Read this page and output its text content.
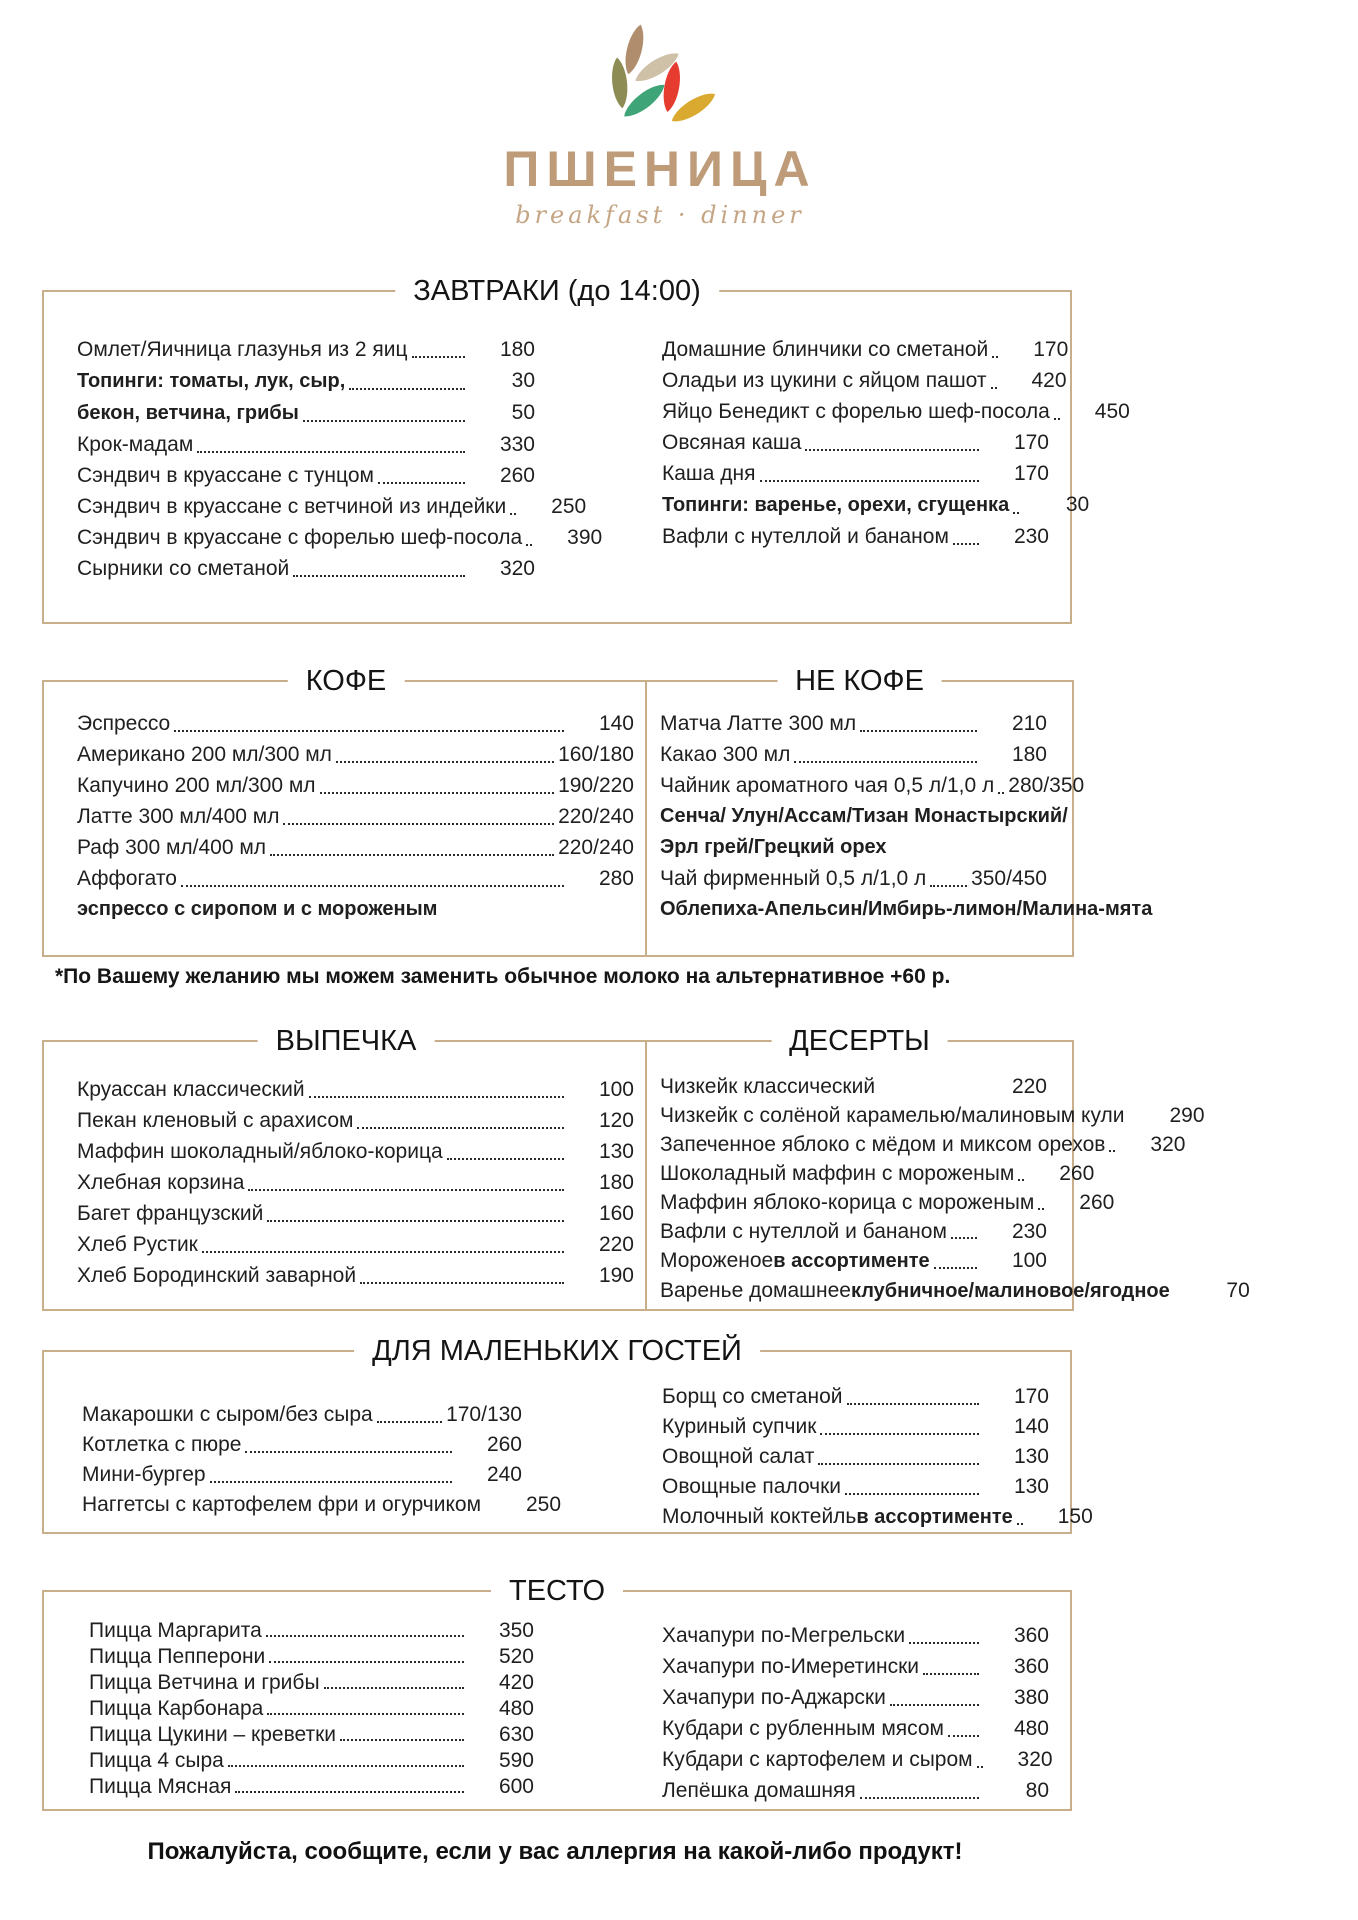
ПШЕНИЦА
breakfast · dinner
ЗАВТРАКИ (до 14:00)
Омлет/Яичница глазунья из 2 яиц	180
Топинги: томаты, лук, сыр,	30
бекон, ветчина, грибы	50
Крок-мадам	330
Сэндвич в круассане с тунцом	260
Сэндвич в круассане с ветчиной из индейки	250
Сэндвич в круассане с форелью шеф-посола	390
Сырники со сметаной	320
Домашние блинчики со сметаной	170
Оладьи из цукини с яйцом пашот	420
Яйцо Бенедикт с форелью шеф-посола	450
Овсяная каша	170
Каша дня	170
Топинги: варенье, орехи, сгущенка	30
Вафли с нутеллой и бананом	230
КОФЕ
Эспрессо	140
Американо 200 мл/300 мл	160/180
Капучино 200 мл/300 мл	190/220
Латте 300 мл/400 мл	220/240
Раф 300 мл/400 мл	220/240
Аффогато	280
эспрессо с сиропом и с мороженым
НЕ КОФЕ
Матча Латте 300 мл	210
Какао 300 мл	180
Чайник ароматного чая 0,5 л/1,0 л 280/350
Сенча/ Улун/Ассам/Тизан Монастырский/
Эрл грей/Грецкий орех
Чай фирменный 0,5 л/1,0 л 350/450
Облепиха-Апельсин/Имбирь-лимон/Малина-мята
*По Вашему желанию мы можем заменить обычное молоко на альтернативное +60 р.
ВЫПЕЧКА
Круассан классический	100
Пекан кленовый с арахисом	120
Маффин шоколадный/яблоко-корица	130
Хлебная корзина	180
Багет французский	160
Хлеб Рустик	220
Хлеб Бородинский заварной	190
ДЕСЕРТЫ
Чизкейк классический	220
Чизкейк с солёной карамелью/малиновым кули	290
Запеченное яблоко с мёдом и миксом орехов	320
Шоколадный маффин с мороженым	260
Маффин яблоко-корица с мороженым	260
Вафли с нутеллой и бананом	230
Мороженое в ассортименте	100
Варенье домашнее клубничное/малиновое/ягодное	70
ДЛЯ МАЛЕНЬКИХ ГОСТЕЙ
Макарошки с сыром/без сыра	170/130
Котлетка с пюре	260
Мини-бургер	240
Наггетсы с картофелем фри и огурчиком	250
Борщ со сметаной	170
Куриный супчик	140
Овощной салат	130
Овощные палочки	130
Молочный коктейль в ассортименте	150
ТЕСТО
Пицца Маргарита	350
Пицца Пепперони	520
Пицца Ветчина и грибы	420
Пицца Карбонара	480
Пицца Цукини – креветки	630
Пицца 4 сыра	590
Пицца Мясная	600
Хачапури по-Мегрельски	360
Хачапури по-Имеретински	360
Хачапури по-Аджарски	380
Кубдари с рубленным мясом	480
Кубдари с картофелем и сыром	320
Лепёшка домашняя	80
Пожалуйста, сообщите, если у вас аллергия на какой-либо продукт!
